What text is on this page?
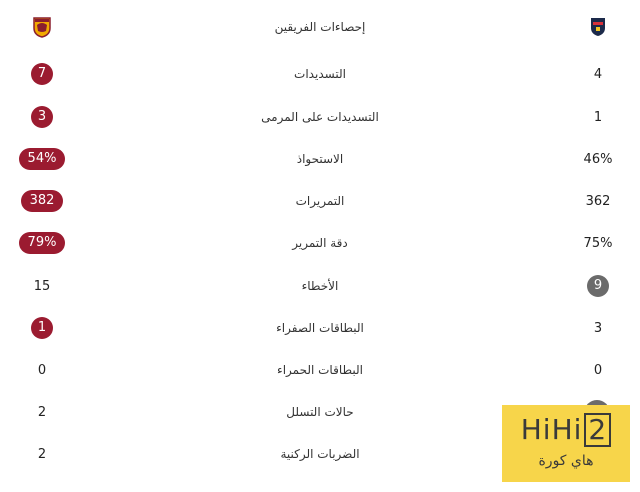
إحصاءات الفريقين
7	التسديدات	4
3	التسديدات على المرمى	1
54%	الاستحواذ	46%
382	التمريرات	362
79%	دقة التمرير	75%
15	الأخطاء	9
1	البطاقات الصفراء	3
0	البطاقات الحمراء	0
2	حالات التسلل
2	الضربات الركنية
HiHi 2
هاي كورة
